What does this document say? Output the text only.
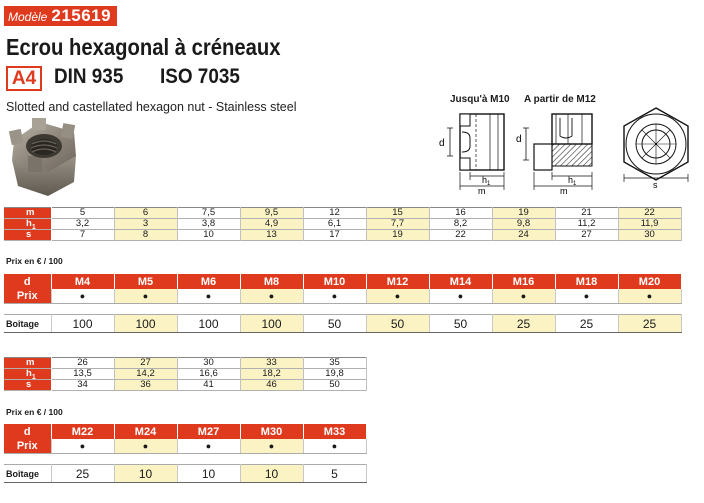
Modèle 215619
Ecrou hexagonal à créneaux
A4 DIN 935 ISO 7035
Slotted and castellated hexagon nut - Stainless steel
Jusqu'à M10 A partir de M12
d
$h_1$
m
d
$h_1$
m
s
m	5	6	7,5	9,5	12	15	16	19	21	22
$h_1$	3,2	3	3,8	4,9	6,1	7,7	8,2	9,8	11,2	11,9
s	7	8	10	13	17	19	22	24	27	30
Prix en € / 100
d	M4	M5	M6	M8	M10	M12	M14	M16	M18	M20
Prix	●	●	●	●	●	●	●	●	●	●

Boîtage	100	100	100	100	50	50	50	25	25	25
m	26	27	30	33	35
$h_1$	13,5	14,2	16,6	18,2	19,8
s	34	36	41	46	50
Prix en € / 100
d	M22	M24	M27	M30	M33
Prix	●	●	●	●	●

Boîtage	25	10	10	10	5
